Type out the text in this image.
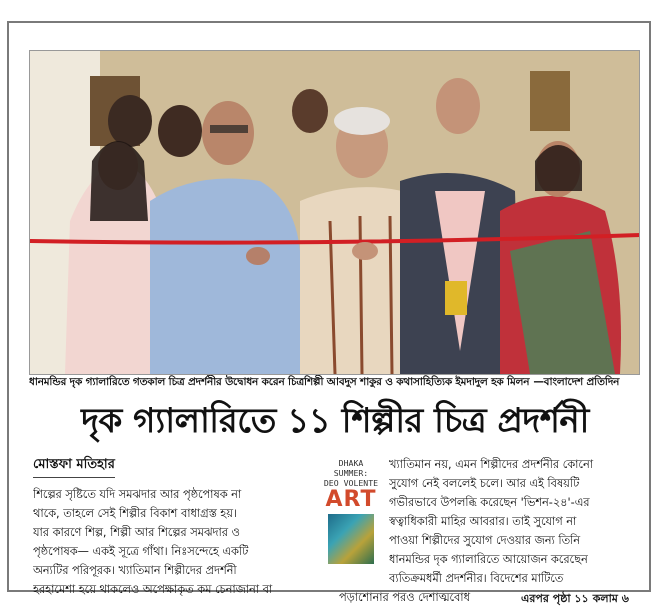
ধানমন্ডির দৃক গ্যালারিতে গতকাল চিত্র প্রদর্শনীর উদ্বোধন করেন চিত্রশিল্পী আবদুস শাকুর ও কথাসাহিত্যিক ইমদাদুল হক মিলন —বাংলাদেশ প্রতিদিন
দৃক গ্যালারিতে ১১ শিল্পীর চিত্র প্রদর্শনী
মোস্তফা মতিহার
শিল্পের সৃষ্টিতে যদি সমঝদার আর পৃষ্ঠপোষক না
থাকে, তাহলে সেই শিল্পীর বিকাশ বাধাগ্রস্ত হয়।
যার কারণে শিল্প, শিল্পী আর শিল্পের সমঝদার ও
পৃষ্ঠপোষক— একই সূত্রে গাঁথা। নিঃসন্দেহে একটি
অন্যটির পরিপূরক। খ্যাতিমান শিল্পীদের প্রদর্শনী
হরহামেশা হয়ে থাকলেও অপেক্ষাকৃত কম চেনাজানা বা
DHAKA
SUMMER:
DEO VOLENTE
ART
খ্যাতিমান নয়, এমন শিল্পীদের প্রদর্শনীর কোনো
সুযোগ নেই বললেই চলে। আর এই বিষয়টি
গভীরভাবে উপলব্ধি করেছেন 'ভিশন-২৪'-এর
স্বত্বাধিকারী মাহির আবরার। তাই সুযোগ না
পাওয়া শিল্পীদের সুযোগ দেওয়ার জন্য তিনি
ধানমন্ডির দৃক গ্যালারিতে আয়োজন করেছেন
ব্যতিক্রমধর্মী প্রদর্শনীর। বিদেশের মাটিতে
পড়াশোনার পরও দেশাত্মবোধ	এরপর পৃষ্ঠা ১১ কলাম ৬
